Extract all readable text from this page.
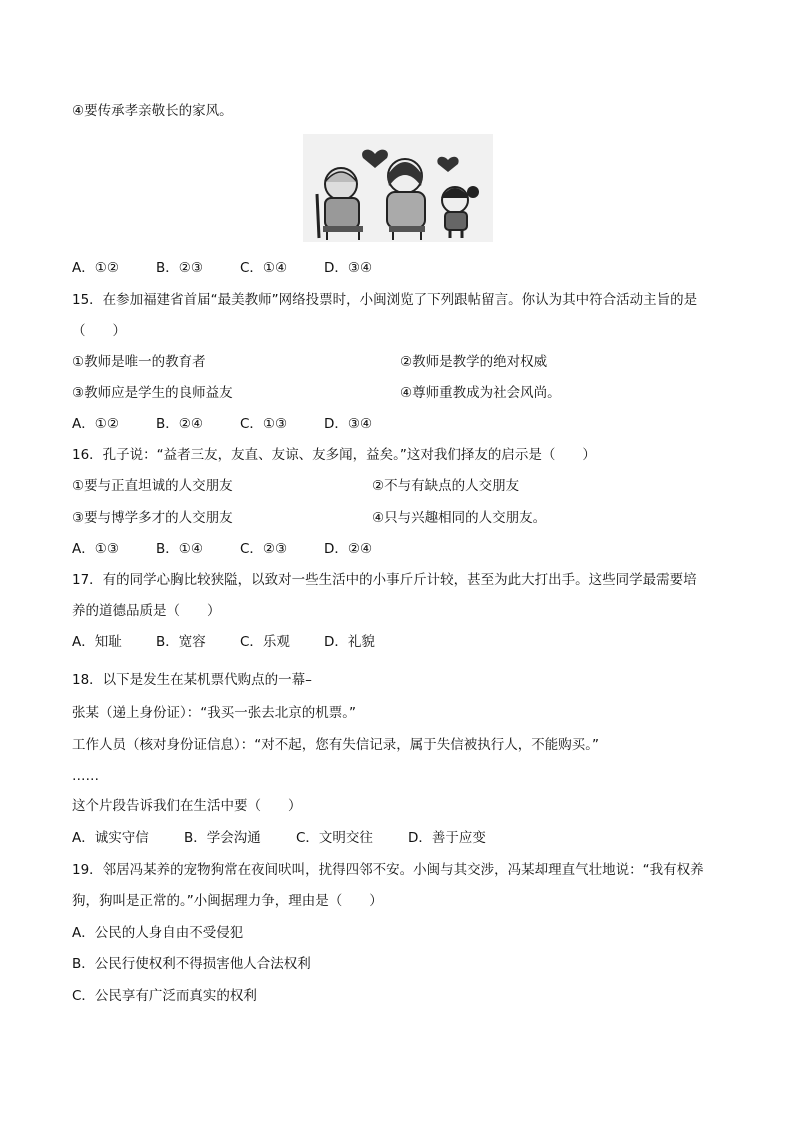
④要传承孝亲敬长的家风。
A．①②	B．②③	C．①④	D．③④
15．在参加福建省首届“最美教师”网络投票时，小闽浏览了下列跟帖留言。你认为其中符合活动主旨的是
（　　）
①教师是唯一的教育者	②教师是教学的绝对权威
③教师应是学生的良师益友	④尊师重教成为社会风尚。
A．①②	B．②④	C．①③	D．③④
16．孔子说：“益者三友，友直、友谅、友多闻，益矣。”这对我们择友的启示是（　　）
①要与正直坦诚的人交朋友	②不与有缺点的人交朋友
③要与博学多才的人交朋友	④只与兴趣相同的人交朋友。
A．①③	B．①④	C．②③	D．②④
17．有的同学心胸比较狭隘，以致对一些生活中的小事斤斤计较，甚至为此大打出手。这些同学最需要培
养的道德品质是（　　）
A．知耻	B．宽容	C．乐观	D．礼貌
18．以下是发生在某机票代购点的一幕–
张某（递上身份证）：“我买一张去北京的机票。”
工作人员（核对身份证信息）：“对不起，您有失信记录，属于失信被执行人，不能购买。”
……
这个片段告诉我们在生活中要（　　）
A．诚实守信	B．学会沟通	C．文明交往	D．善于应变
19．邻居冯某养的宠物狗常在夜间吠叫，扰得四邻不安。小闽与其交涉，冯某却理直气壮地说：“我有权养
狗，狗叫是正常的。”小闽据理力争，理由是（　　）
A．公民的人身自由不受侵犯
B．公民行使权利不得损害他人合法权利
C．公民享有广泛而真实的权利
